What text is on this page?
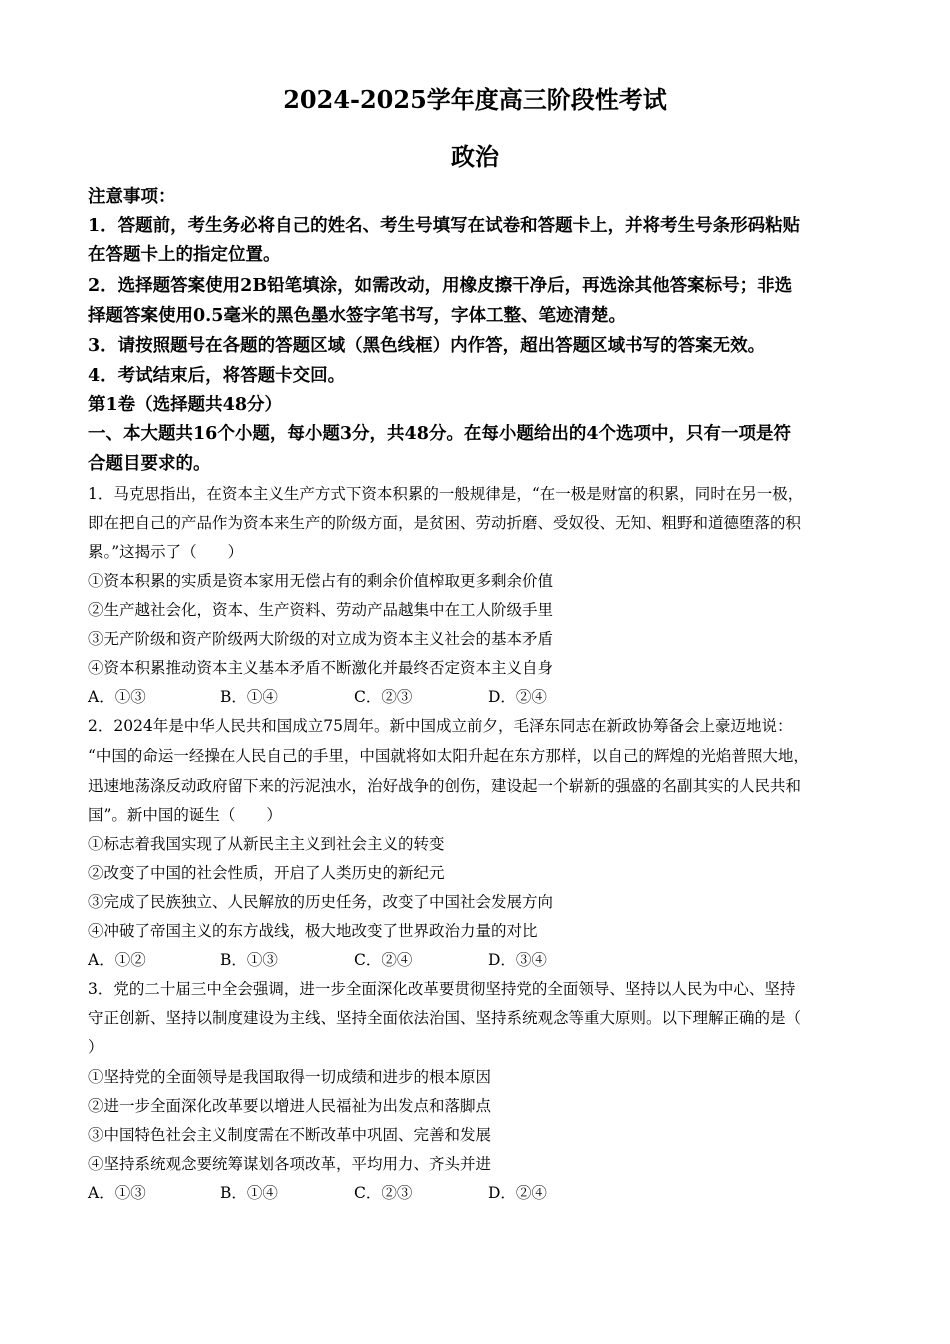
2024-2025学年度高三阶段性考试
政治
注意事项：
1．答题前，考生务必将自己的姓名、考生号填写在试卷和答题卡上，并将考生号条形码粘贴
在答题卡上的指定位置。
2．选择题答案使用2B铅笔填涂，如需改动，用橡皮擦干净后，再选涂其他答案标号；非选
择题答案使用0.5毫米的黑色墨水签字笔书写，字体工整、笔迹清楚。
3．请按照题号在各题的答题区域（黑色线框）内作答，超出答题区域书写的答案无效。
4．考试结束后，将答题卡交回。
第1卷（选择题共48分）
一、本大题共16个小题，每小题3分，共48分。在每小题给出的4个选项中，只有一项是符
合题目要求的。
1．马克思指出，在资本主义生产方式下资本积累的一般规律是，“在一极是财富的积累，同时在另一极，
即在把自己的产品作为资本来生产的阶级方面，是贫困、劳动折磨、受奴役、无知、粗野和道德堕落的积
累。”这揭示了（　　）
①资本积累的实质是资本家用无偿占有的剩余价值榨取更多剩余价值
②生产越社会化，资本、生产资料、劳动产品越集中在工人阶级手里
③无产阶级和资产阶级两大阶级的对立成为资本主义社会的基本矛盾
④资本积累推动资本主义基本矛盾不断激化并最终否定资本主义自身
A．①③	B．①④	C．②③	D．②④
2．2024年是中华人民共和国成立75周年。新中国成立前夕，毛泽东同志在新政协筹备会上豪迈地说：
“中国的命运一经操在人民自己的手里，中国就将如太阳升起在东方那样，以自己的辉煌的光焰普照大地，
迅速地荡涤反动政府留下来的污泥浊水，治好战争的创伤，建设起一个崭新的强盛的名副其实的人民共和
国”。新中国的诞生（　　）
①标志着我国实现了从新民主主义到社会主义的转变
②改变了中国的社会性质，开启了人类历史的新纪元
③完成了民族独立、人民解放的历史任务，改变了中国社会发展方向
④冲破了帝国主义的东方战线，极大地改变了世界政治力量的对比
A．①②	B．①③	C．②④	D．③④
3．党的二十届三中全会强调，进一步全面深化改革要贯彻坚持党的全面领导、坚持以人民为中心、坚持
守正创新、坚持以制度建设为主线、坚持全面依法治国、坚持系统观念等重大原则。以下理解正确的是（
）
①坚持党的全面领导是我国取得一切成绩和进步的根本原因
②进一步全面深化改革要以增进人民福祉为出发点和落脚点
③中国特色社会主义制度需在不断改革中巩固、完善和发展
④坚持系统观念要统筹谋划各项改革，平均用力、齐头并进
A．①③	B．①④	C．②③	D．②④
